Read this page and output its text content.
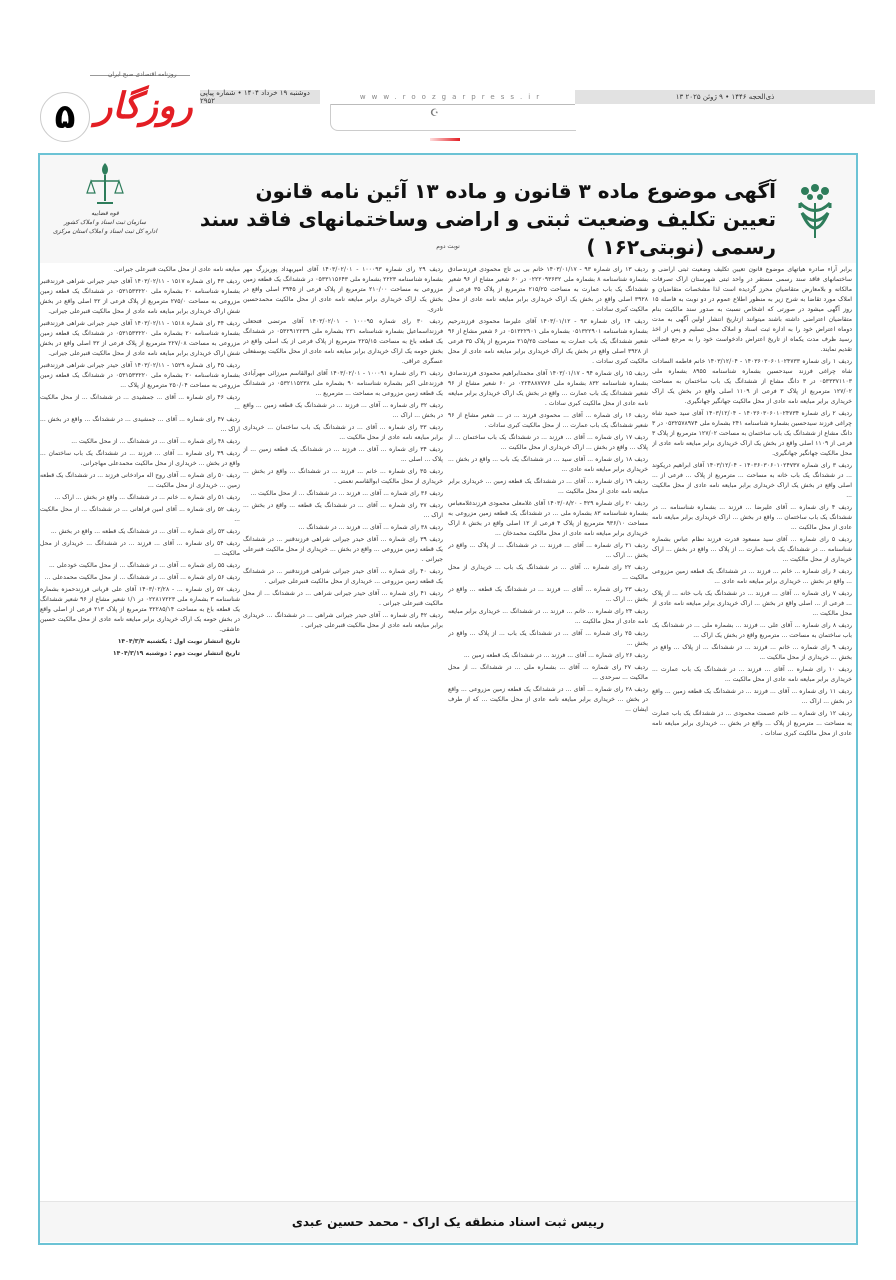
روزنامه اقتصادی صبح ایران
۵ روزگار دوشنبه ۱۹ خرداد ۱۴۰۴ • شماره پیاپی ۲۹۵۲	www.roozgarpress.ir
☪
۱۳ ذی‌الحجه ۱۴۴۶ • ۹ ژوئن ۲۰۲۵
قوه قضاییه
سازمان ثبت اسناد و املاک کشور
اداره کل ثبت اسناد و املاک استان مرکزی
آگهی موضوع ماده ۳ قانون و ماده ۱۳ آئین نامه قانون تعیین تکلیف وضعیت ثبتی و اراضی وساختمانهای فاقد سند رسمی (نوبتی۱۶۲ )
نوبت دوم

برابر آراء صادره هیاتهای موضوع قانون تعیین تکلیف وضعیت ثبتی اراضی و ساختمانهای فاقد سند رسمی مستقر در واحد ثبتی شهرستان اراک تصرفات مالکانه و بلامعارض متقاضیان محرز گردیده است لذا مشخصات متقاضیان و املاک مورد تقاضا به شرح زیر به منظور اطلاع عموم در دو نوبت به فاصله ۱۵ روز آگهی میشود در صورتی که اشخاص نسبت به صدور سند مالکیت بنام متقاضیان اعتراضی داشته باشند میتوانند ازتاریخ انتشار اولین آگهی به مدت دوماه اعتراض خود را به اداره ثبت اسناد و املاک محل تسلیم و پس از اخذ رسید ظرف مدت یکماه از تاریخ اعتراض دادخواست خود را به مرجع قضائی تقدیم نمایند.

ردیف ۱ رای شماره ۱۴۰۳۶۰۳۰۶۰۱۰۲۴۷۳۳ - ۱۴۰۳/۱۲/۰۴ خانم فاطمه السادات شاه چراغی فرزند سیدحسین بشماره شناسنامه ۸۹۵۵ بشماره ملی ۰۵۳۳۳۷۱۱۰۳ در ۳ دانگ مشاع از ششدانگ یک باب ساختمان به مساحت ۱۲۷/۰۲ مترمربع از پلاک ۳ فرعی از ۱۱۰۹ اصلی واقع در بخش یک اراک خریداری برابر مبایعه نامه عادی از محل مالکیت جهانگیر جهانگیری.

ردیف ۲ رای شماره ۱۴۰۳۶۰۳۰۶۰۱۰۲۴۷۳۴ - ۱۴۰۳/۱۲/۰۴ آقای سید حمید شاه چراغی فرزند سیدحسین بشماره شناسنامه ۲۴۱ بشماره ملی ۰۵۳۲۵۷۸۹۷۴ در ۳ دانگ مشاع از ششدانگ یک باب ساختمان به مساحت ۱۲۷/۰۲ مترمربع از پلاک ۳ فرعی از ۱۱۰۹ اصلی واقع در بخش یک اراک خریداری برابر مبایعه نامه عادی از محل مالکیت جهانگیر جهانگیری.

ردیف ۳ رای شماره ۱۴۰۳۶۰۳۰۶۰۱۰۲۴۷۳۷ - ۱۴۰۳/۱۲/۰۴ آقای ابراهیم دریکوند ... در ششدانگ یک باب خانه به مساحت ... مترمربع از پلاک ... فرعی از ... اصلی واقع در بخش یک اراک خریداری برابر مبایعه نامه عادی از محل مالکیت ...

ردیف ۴ رای شماره ... آقای علیرضا ... فرزند ... بشماره شناسنامه ... در ششدانگ یک باب ساختمان ... واقع در بخش ... اراک خریداری برابر مبایعه نامه عادی از محل مالکیت ...

ردیف ۵ رای شماره ... آقای سید مسعود قدرت فرزند نظام عباس بشماره شناسنامه ... در ششدانگ یک باب عمارت ... از پلاک ... واقع در بخش ... اراک خریداری از محل مالکیت ...

ردیف ۶ رای شماره ... خانم ... فرزند ... در ششدانگ یک قطعه زمین مزروعی ... واقع در بخش ... خریداری برابر مبایعه نامه عادی ...

ردیف ۷ رای شماره ... آقای ... فرزند ... در ششدانگ یک باب خانه ... از پلاک ... فرعی از ... اصلی واقع در بخش ... اراک خریداری برابر مبایعه نامه عادی از محل مالکیت ...

ردیف ۸ رای شماره ... آقای علی ... فرزند ... بشماره ملی ... در ششدانگ یک باب ساختمان به مساحت ... مترمربع واقع در بخش یک اراک ...

ردیف ۹ رای شماره ... خانم ... فرزند ... در ششدانگ ... از پلاک ... واقع در بخش ... خریداری از محل مالکیت ...

ردیف ۱۰ رای شماره ... آقای ... فرزند ... در ششدانگ یک باب عمارت ... خریداری برابر مبایعه نامه عادی از محل مالکیت ...

ردیف ۱۱ رای شماره ... آقای ... فرزند ... در ششدانگ یک قطعه زمین ... واقع در بخش ... اراک ...

ردیف ۱۲ رای شماره ... خانم عصمت محمودی ... در ششدانگ یک باب عمارت به مساحت ... مترمربع از پلاک ... واقع در بخش ... خریداری برابر مبایعه نامه عادی از محل مالکیت کبری سادات .

ردیف ۱۳ رای شماره ۹۳ - ۱۴۰۳/۰۱/۱۷ خانم بی بی تاج محمودی فرزندصادق بشماره شناسنامه ۸ بشماره ملی ۰۲۲۲۰۹۳۶۳۲ در ۶۰ شعیر مشاع از ۹۶ شعیر ششدانگ یک باب عمارت به مساحت ۲۱۵/۲۵ مترمربع از پلاک ۳۵ فرعی از ۳۹۲۸ اصلی واقع در بخش یک اراک خریداری برابر مبایعه نامه عادی از محل مالکیت کبری سادات .

ردیف ۱۴ رای شماره ۹۳ - ۱۴۰۳/۰۱/۱۲ آقای علیرضا محمودی فرزندرحیم بشماره شناسنامه ۰۵۱۳۲۲۹۰۱ بشماره ملی ۰۵۱۳۲۲۹۰۱ در ۶ شعیر مشاع از ۹۶ شعیر ششدانگ یک باب عمارت به مساحت ۲۱۵/۲۵ مترمربع از پلاک ۳۵ فرعی از ۳۹۲۸ اصلی واقع در بخش یک اراک خریداری برابر مبایعه نامه عادی از محل مالکیت کبری سادات .

ردیف ۱۵ رای شماره ۹۴ - ۱۴۰۳/۰۱/۱۷ آقای محمدابراهیم محمودی فرزندصادق بشماره شناسنامه ۸۳۲ بشماره ملی ۰۲۲۴۸۸۷۷۷۶ در ۶۰ شعیر مشاع از ۹۶ شعیر ششدانگ یک باب عمارت ... واقع در بخش یک اراک خریداری برابر مبایعه نامه عادی از محل مالکیت کبری سادات .

ردیف ۱۶ رای شماره ... آقای ... محمودی فرزند ... در ... شعیر مشاع از ۹۶ شعیر ششدانگ یک باب عمارت ... از محل مالکیت کبری سادات .

ردیف ۱۷ رای شماره ... آقای ... فرزند ... در ششدانگ یک باب ساختمان ... از پلاک ... واقع در بخش ... اراک خریداری از محل مالکیت ...

ردیف ۱۸ رای شماره ... آقای سید ... در ششدانگ یک باب ... واقع در بخش ... خریداری برابر مبایعه نامه عادی ...

ردیف ۱۹ رای شماره ... آقای ... در ششدانگ یک قطعه زمین ... خریداری برابر مبایعه نامه عادی از محل مالکیت ...

ردیف ۲۰ رای شماره ۴۲۹ - ۱۴۰۳/۰۸/۲۰ آقای غلامعلی محمودی فرزندغلامعباس بشماره شناسنامه ۸۳ بشماره ملی ... در ششدانگ یک قطعه زمین مزروعی به مساحت ۹۳۶/۱۰ مترمربع از پلاک ۴ فرعی از ۱۲ اصلی واقع در بخش ۸ اراک خریداری برابر مبایعه نامه عادی از محل مالکیت محمدخان ...

ردیف ۲۱ رای شماره ... آقای ... فرزند ... در ششدانگ ... از پلاک ... واقع در بخش ... اراک ...

ردیف ۲۲ رای شماره ... آقای ... در ششدانگ یک باب ... خریداری از محل مالکیت ...

ردیف ۲۳ رای شماره ... آقای ... فرزند ... در ششدانگ یک قطعه ... واقع در بخش ... اراک ...

ردیف ۲۴ رای شماره ... خانم ... فرزند ... در ششدانگ ... خریداری برابر مبایعه نامه عادی از محل مالکیت ...

ردیف ۲۵ رای شماره ... آقای ... در ششدانگ یک باب ... از پلاک ... واقع در بخش ...

ردیف ۲۶ رای شماره ... آقای ... فرزند ... در ششدانگ یک قطعه زمین ...

ردیف ۲۷ رای شماره ... آقای ... بشماره ملی ... در ششدانگ ... از محل مالکیت ... سرحدی ...

ردیف ۲۸ رای شماره ... آقای ... در ششدانگ یک قطعه زمین مزروعی ... واقع در بخش ... خریداری برابر مبایعه نامه عادی از محل مالکیت ... که از طرف ایشان ...

ردیف ۲۹ رای شماره ۱۰۰۰۹۳ - ۱۴۰۳/۰۲/۰۱ آقای امیربهداد پوربزرگ مهر بشماره شناسنامه ۲۲۲۳ بشماره ملی ۰۵۳۳۱۱۵۶۴۳ در ششدانگ یک قطعه زمین مزروعی به مساحت ۲۱۰/۰۰ مترمربع از پلاک فرعی از ۳۹۴۵ اصلی واقع در بخش یک اراک خریداری برابر مبایعه نامه عادی از محل مالکیت محمدحسین نادری.

ردیف ۳۰ رای شماره ۱۰۰۰۹۵ - ۱۴۰۳/۰۲/۰۱ آقای مرتضی فتحعلی فرزنداسماعیل بشماره شناسنامه ۲۳۱ بشماره ملی ۰۵۳۲۹۱۲۲۳۹ در ششدانگ یک قطعه باغ به مساحت ۲۲۵/۱۵ مترمربع از پلاک فرعی از یک اصلی واقع در بخش حومه یک اراک خریداری برابر مبایعه نامه عادی از محل مالکیت یوسفعلی عسگری عراقی.

ردیف ۳۱ رای شماره ۱۰۰۰۹۱ - ۱۴۰۳/۰۲/۰۱ آقای ابوالقاسم میرزائی مهرآبادی فرزندعلی اکبر بشماره شناسنامه ۹۰ بشماره ملی ۰۵۳۲۱۱۵۲۳۸ در ششدانگ یک قطعه زمین مزروعی به مساحت ... مترمربع ...

ردیف ۳۲ رای شماره ... آقای ... فرزند ... در ششدانگ یک قطعه زمین ... واقع در بخش ... اراک ...

ردیف ۳۳ رای شماره ... آقای ... در ششدانگ یک باب ساختمان ... خریداری برابر مبایعه نامه عادی از محل مالکیت ...

ردیف ۳۴ رای شماره ... آقای ... فرزند ... در ششدانگ یک قطعه زمین ... از پلاک ... اصلی ...

ردیف ۳۵ رای شماره ... خانم ... فرزند ... در ششدانگ ... واقع در بخش ... خریداری از محل مالکیت ابوالقاسم نعمتی .

ردیف ۳۶ رای شماره ... آقای ... فرزند ... در ششدانگ ... از محل مالکیت ...

ردیف ۳۷ رای شماره ... آقای ... در ششدانگ یک قطعه ... واقع در بخش ... اراک ...

ردیف ۳۸ رای شماره ... آقای ... فرزند ... در ششدانگ ...

ردیف ۳۹ رای شماره ... آقای حیدر جیرانی شراهی فرزندقنبر ... در ششدانگ یک قطعه زمین مزروعی ... واقع در بخش ... خریداری از محل مالکیت قنبرعلی جیرانی .

ردیف ۴۰ رای شماره ... آقای حیدر جیرانی شراهی فرزندقنبر ... در ششدانگ یک قطعه زمین مزروعی ... خریداری از محل مالکیت قنبرعلی جیرانی .

ردیف ۴۱ رای شماره ... آقای حیدر جیرانی شراهی ... در ششدانگ ... از محل مالکیت قنبرعلی جیرانی .

ردیف ۴۲ رای شماره ... آقای حیدر جیرانی شراهی ... در ششدانگ ... خریداری برابر مبایعه نامه عادی از محل مالکیت قنبرعلی جیرانی .

مبایعه نامه عادی از محل مالکیت قنبرعلی جیرانی.

ردیف ۴۳ رای شماره ۱۵۱۷ - ۱۴۰۳/۰۲/۱۱ آقای حیدر جیرانی شراهی فرزندقنبر بشماره شناسنامه ۲۰ بشماره ملی ۰۵۳۱۵۳۳۲۲۰ در ششدانگ یک قطعه زمین مزروعی به مساحت ۲۷۵/۰ مترمربع از پلاک فرعی از ۳۲ اصلی واقع در بخش شش اراک خریداری برابر مبایعه نامه عادی از محل مالکیت قنبرعلی جیرانی.

ردیف ۴۴ رای شماره ۱۵۱۸ - ۱۴۰۳/۰۲/۱۱ آقای حیدر جیرانی شراهی فرزندقنبر بشماره شناسنامه ۲۰ بشماره ملی ۰۵۳۱۵۳۳۲۲۰ در ششدانگ یک قطعه زمین مزروعی به مساحت ۲۲۷/۰۸ مترمربع از پلاک فرعی از ۳۲ اصلی واقع در بخش شش اراک خریداری برابر مبایعه نامه عادی از محل مالکیت قنبرعلی جیرانی.

ردیف ۴۵ رای شماره ۱۵۲۹ - ۱۴۰۳/۰۲/۱۱ آقای حیدر جیرانی شراهی فرزندقنبر بشماره شناسنامه ۲۰ بشماره ملی ۰۵۳۱۵۳۳۲۲۰ در ششدانگ یک قطعه زمین مزروعی به مساحت ۲۵۰/۰۴ مترمربع از پلاک ...

ردیف ۴۶ رای شماره ... آقای ... جمشیدی ... در ششدانگ ... از محل مالکیت ...

ردیف ۴۷ رای شماره ... آقای ... جمشیدی ... در ششدانگ ... واقع در بخش ... اراک ...

ردیف ۴۸ رای شماره ... آقای ... در ششدانگ ... از محل مالکیت ...

ردیف ۴۹ رای شماره ... آقای ... فرزند ... در ششدانگ یک باب ساختمان ... واقع در بخش ... خریداری از محل مالکیت محمدعلی مهاجرانی.

ردیف ۵۰ رای شماره ... آقای روح اله مرادخانی فرزند ... در ششدانگ یک قطعه زمین ... خریداری از محل مالکیت ...

ردیف ۵۱ رای شماره ... خانم ... در ششدانگ ... واقع در بخش ... اراک ...

ردیف ۵۲ رای شماره ... آقای امین فراهانی ... در ششدانگ ... از محل مالکیت ...

ردیف ۵۳ رای شماره ... آقای ... در ششدانگ یک قطعه ... واقع در بخش ...

ردیف ۵۴ رای شماره ... آقای ... فرزند ... در ششدانگ ... خریداری از محل مالکیت ...

ردیف ۵۵ رای شماره ... آقای ... در ششدانگ ... از محل مالکیت خودعلی ...

ردیف ۵۶ رای شماره ... آقای ... در ششدانگ ... از محل مالکیت محمدعلی ...

ردیف ۵۷ رای شماره ... - ۱۴۰۳/۰۲/۲۸ آقای علی قربانی فرزندحمزه بشماره شناسنامه ۳ بشماره ملی ۰۲۲۸۱۷۲۲۳ در ۱/۱ شعیر مشاع از ۹۶ شعیر ششدانگ یک قطعه باغ به مساحت ۳۲۲۸۵/۱۴ مترمربع از پلاک ۲۱۳ فرعی از اصلی واقع در بخش حومه یک اراک خریداری برابر مبایعه نامه عادی از محل مالکیت حسین عاشقی.

تاریخ انتشار نوبت اول : یکشنبه ۱۴۰۴/۳/۴

تاریخ انتشار نوبت دوم : دوشنبه ۱۴۰۴/۳/۱۹

رییس ثبت اسناد منطقه یک اراک - محمد حسین عبدی
